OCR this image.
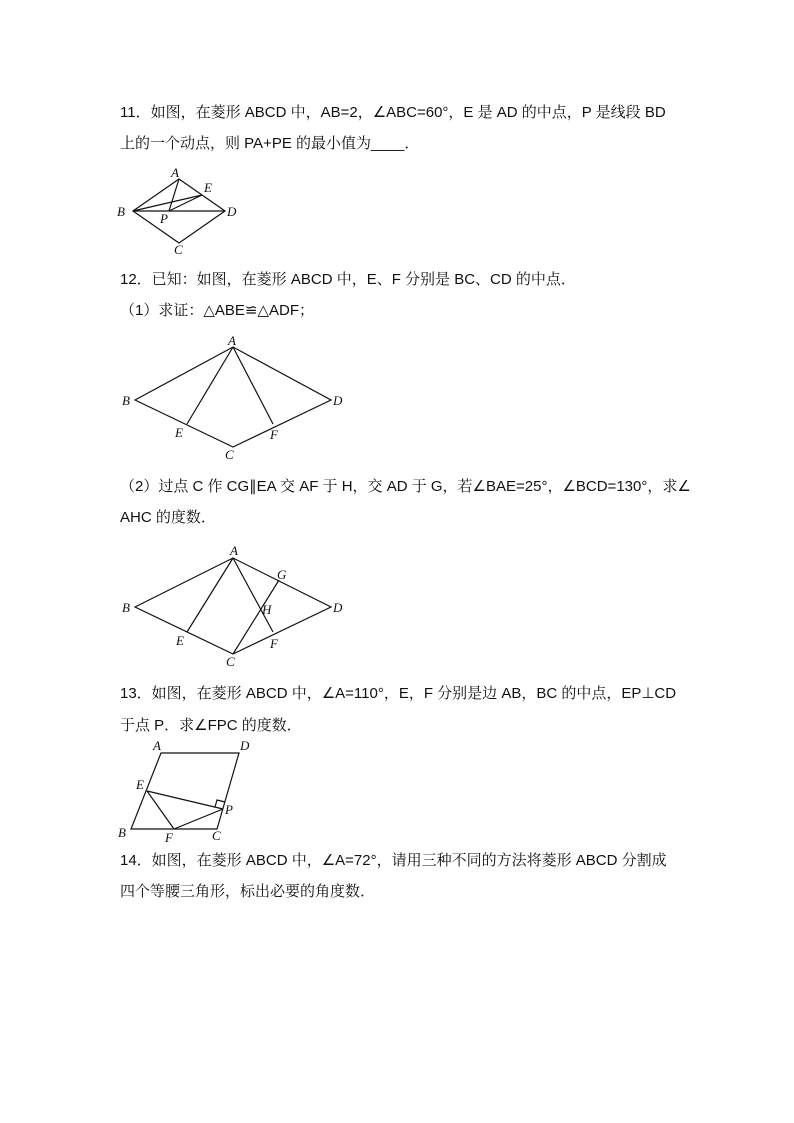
11．如图，在菱形 ABCD 中，AB=2，∠ABC=60°，E 是 AD 的中点，P 是线段 BD
上的一个动点，则 PA+PE 的最小值为____．
A
B
C
D
E
P
12．已知：如图，在菱形 ABCD 中，E、F 分别是 BC、CD 的中点．
（1）求证：△ABE≌△ADF；
A
B
C
D
E	F
（2）过点 C 作 CG∥EA 交 AF 于 H，交 AD 于 G，若∠BAE=25°，∠BCD=130°，求∠
AHC 的度数．
A
B
C
D
E	F
G
H
13．如图，在菱形 ABCD 中，∠A=110°，E，F 分别是边 AB，BC 的中点，EP⊥CD
于点 P．求∠FPC 的度数．
A	D
E
P
B	F	C
14．如图，在菱形 ABCD 中，∠A=72°，请用三种不同的方法将菱形 ABCD 分割成
四个等腰三角形，标出必要的角度数．
